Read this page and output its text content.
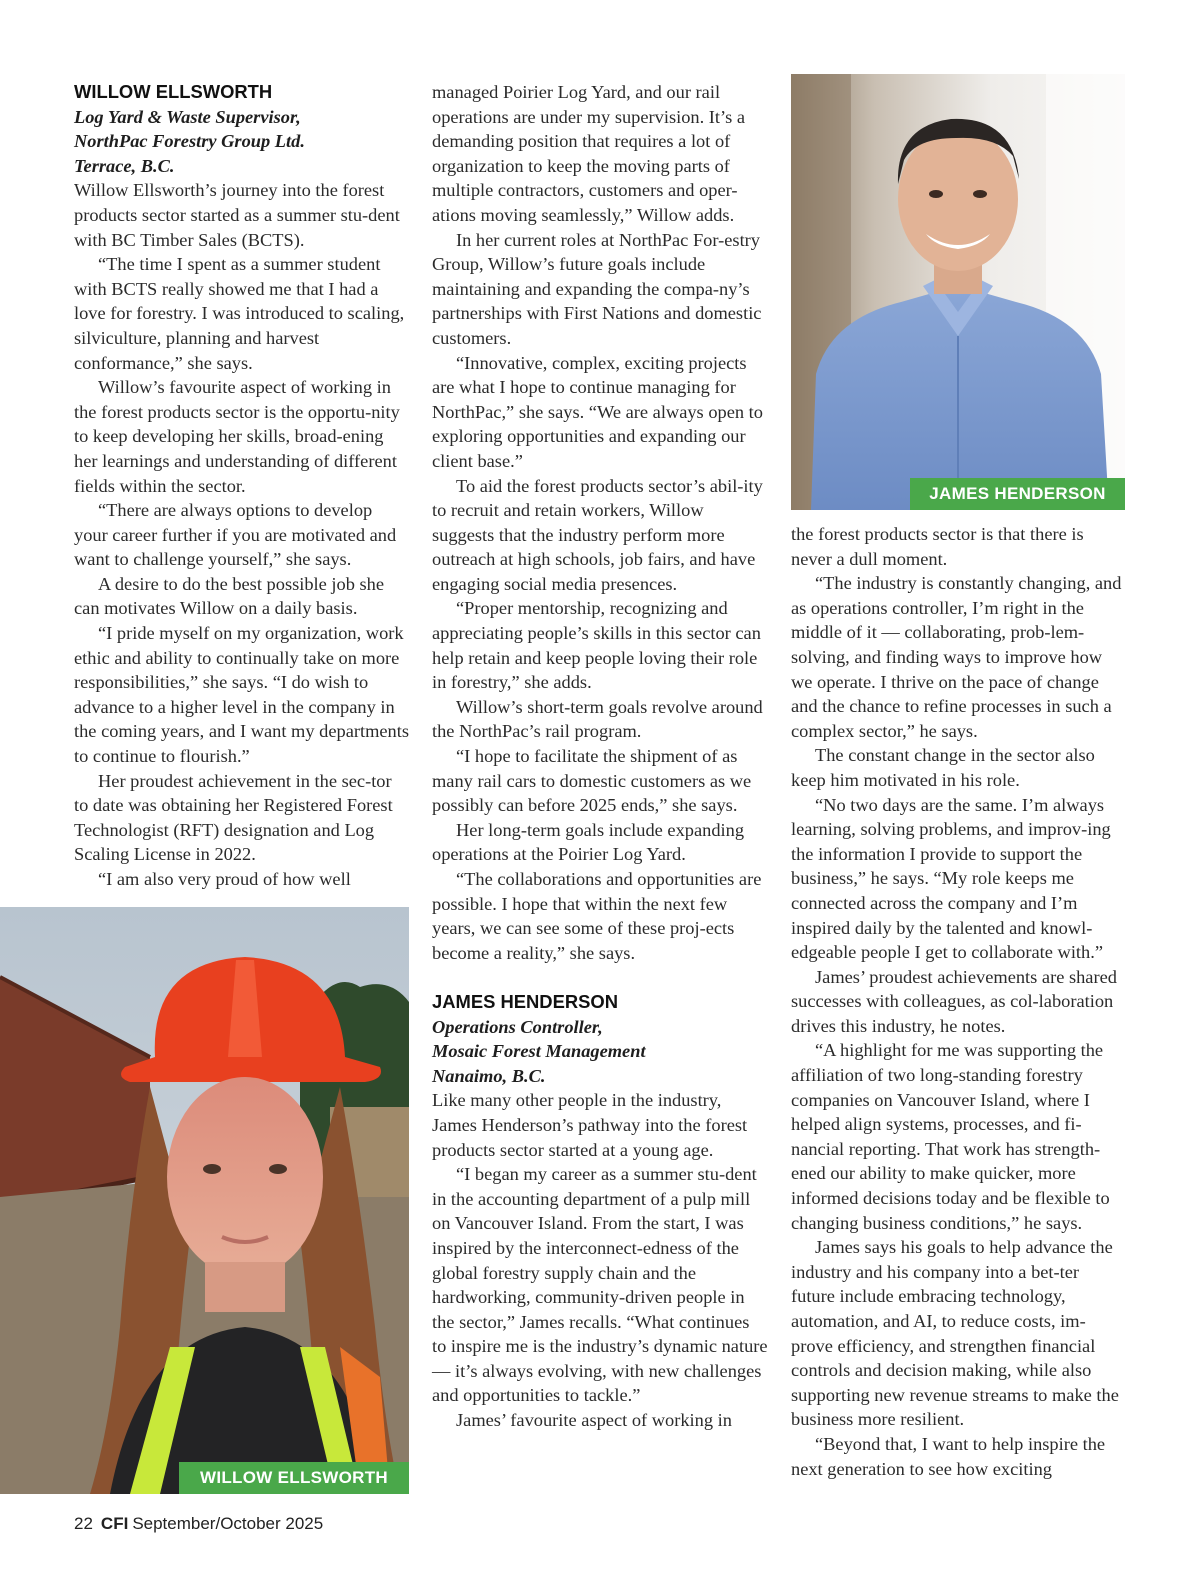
WILLOW ELLSWORTH

Log Yard & Waste Supervisor,

NorthPac Forestry Group Ltd.

Terrace, B.C.

Willow Ellsworth’s journey into the forest products sector started as a summer stu-dent with BC Timber Sales (BCTS).

“The time I spent as a summer student with BCTS really showed me that I had a love for forestry. I was introduced to scaling, silviculture, planning and harvest conformance,” she says.

Willow’s favourite aspect of working in the forest products sector is the opportu-nity to keep developing her skills, broad-ening her learnings and understanding of different fields within the sector.

“There are always options to develop your career further if you are motivated and want to challenge yourself,” she says.

A desire to do the best possible job she can motivates Willow on a daily basis.

“I pride myself on my organization, work ethic and ability to continually take on more responsibilities,” she says. “I do wish to advance to a higher level in the company in the coming years, and I want my departments to continue to flourish.”

Her proudest achievement in the sec-tor to date was obtaining her Registered Forest Technologist (RFT) designation and Log Scaling License in 2022.

“I am also very proud of how well

managed Poirier Log Yard, and our rail operations are under my supervision. It’s a demanding position that requires a lot of organization to keep the moving parts of multiple contractors, customers and oper-ations moving seamlessly,” Willow adds.

In her current roles at NorthPac For-estry Group, Willow’s future goals include maintaining and expanding the compa-ny’s partnerships with First Nations and domestic customers.

“Innovative, complex, exciting projects are what I hope to continue managing for NorthPac,” she says. “We are always open to exploring opportunities and expanding our client base.”

To aid the forest products sector’s abil-ity to recruit and retain workers, Willow suggests that the industry perform more outreach at high schools, job fairs, and have engaging social media presences.

“Proper mentorship, recognizing and appreciating people’s skills in this sector can help retain and keep people loving their role in forestry,” she adds.

Willow’s short-term goals revolve around the NorthPac’s rail program.

“I hope to facilitate the shipment of as many rail cars to domestic customers as we possibly can before 2025 ends,” she says.

Her long-term goals include expanding operations at the Poirier Log Yard.

“The collaborations and opportunities are possible. I hope that within the next few years, we can see some of these proj-ects become a reality,” she says.

JAMES HENDERSON

Operations Controller,

Mosaic Forest Management

Nanaimo, B.C.

Like many other people in the industry, James Henderson’s pathway into the forest products sector started at a young age.

“I began my career as a summer stu-dent in the accounting department of a pulp mill on Vancouver Island. From the start, I was inspired by the interconnect-edness of the global forestry supply chain and the hardworking, community-driven people in the sector,” James recalls. “What continues to inspire me is the industry’s dynamic nature — it’s always evolving, with new challenges and opportunities to tackle.”

James’ favourite aspect of working in

the forest products sector is that there is never a dull moment.

“The industry is constantly changing, and as operations controller, I’m right in the middle of it — collaborating, prob-lem-solving, and finding ways to improve how we operate. I thrive on the pace of change and the chance to refine processes in such a complex sector,” he says.

The constant change in the sector also keep him motivated in his role.

“No two days are the same. I’m always learning, solving problems, and improv-ing the information I provide to support the business,” he says. “My role keeps me connected across the company and I’m inspired daily by the talented and knowl-edgeable people I get to collaborate with.”

James’ proudest achievements are shared successes with colleagues, as col-laboration drives this industry, he notes.

“A highlight for me was supporting the affiliation of two long-standing forestry companies on Vancouver Island, where I helped align systems, processes, and fi-nancial reporting. That work has strength-ened our ability to make quicker, more informed decisions today and be flexible to changing business conditions,” he says.

James says his goals to help advance the industry and his company into a bet-ter future include embracing technology, automation, and AI, to reduce costs, im-prove efficiency, and strengthen financial controls and decision making, while also supporting new revenue streams to make the business more resilient.

“Beyond that, I want to help inspire the next generation to see how exciting

JAMES HENDERSON
WILLOW ELLSWORTH
22 CFI September/October 2025
